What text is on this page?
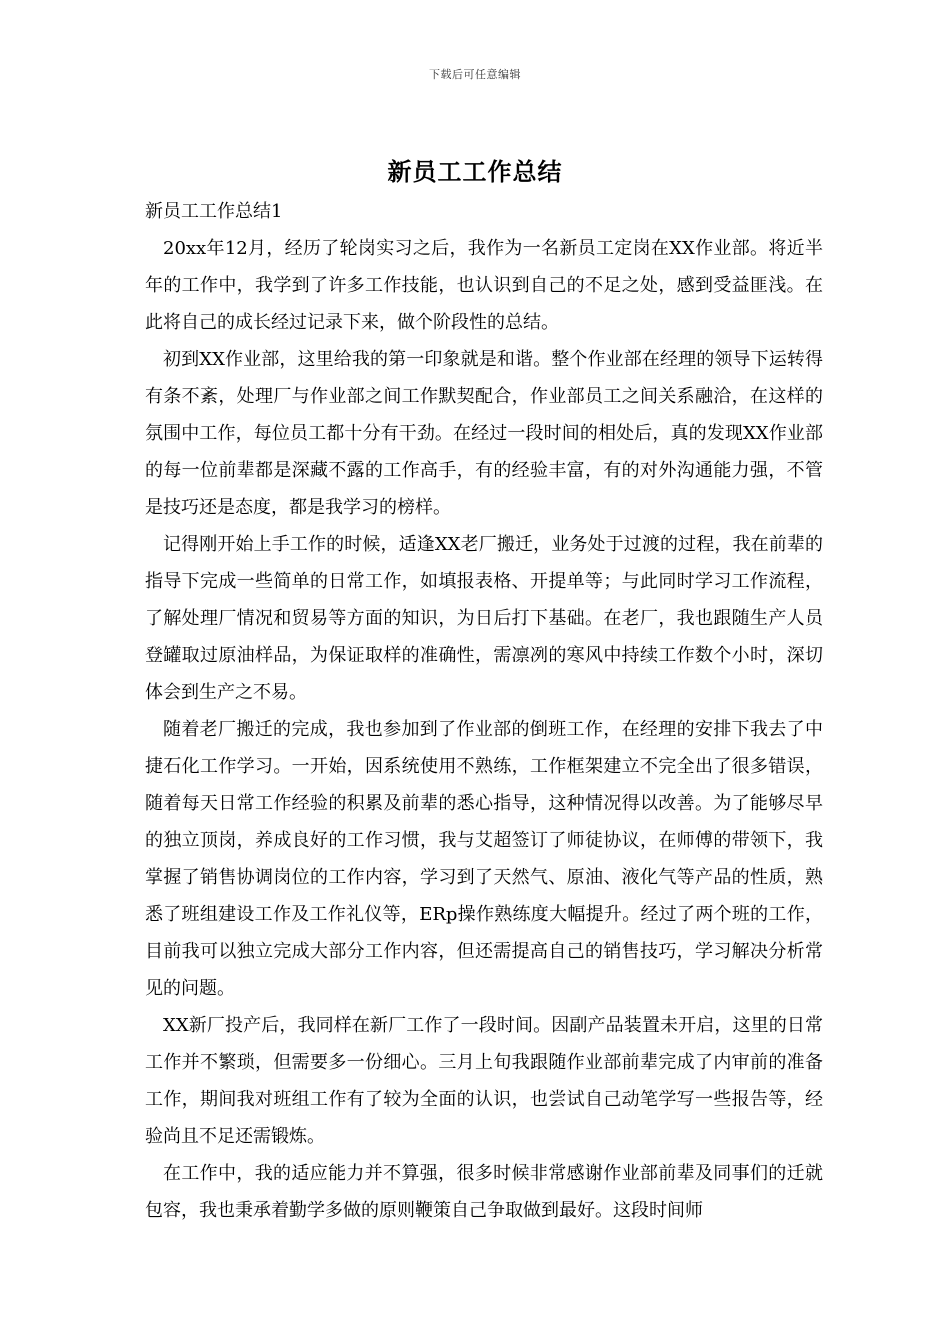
下载后可任意编辑
新员工工作总结

新员工工作总结1

20xx年12月，经历了轮岗实习之后，我作为一名新员工定岗在XX作业部。将近半年的工作中，我学到了许多工作技能，也认识到自己的不足之处，感到受益匪浅。在此将自己的成长经过记录下来，做个阶段性的总结。

初到XX作业部，这里给我的第一印象就是和谐。整个作业部在经理的领导下运转得有条不紊，处理厂与作业部之间工作默契配合，作业部员工之间关系融洽，在这样的氛围中工作，每位员工都十分有干劲。在经过一段时间的相处后，真的发现XX作业部的每一位前辈都是深藏不露的工作高手，有的经验丰富，有的对外沟通能力强，不管是技巧还是态度，都是我学习的榜样。

记得刚开始上手工作的时候，适逢XX老厂搬迁，业务处于过渡的过程，我在前辈的指导下完成一些简单的日常工作，如填报表格、开提单等；与此同时学习工作流程，了解处理厂情况和贸易等方面的知识，为日后打下基础。在老厂，我也跟随生产人员登罐取过原油样品，为保证取样的准确性，需凛冽的寒风中持续工作数个小时，深切体会到生产之不易。

随着老厂搬迁的完成，我也参加到了作业部的倒班工作，在经理的安排下我去了中捷石化工作学习。一开始，因系统使用不熟练，工作框架建立不完全出了很多错误，随着每天日常工作经验的积累及前辈的悉心指导，这种情况得以改善。为了能够尽早的独立顶岗，养成良好的工作习惯，我与艾超签订了师徒协议，在师傅的带领下，我掌握了销售协调岗位的工作内容，学习到了天然气、原油、液化气等产品的性质，熟悉了班组建设工作及工作礼仪等，ERp操作熟练度大幅提升。经过了两个班的工作，目前我可以独立完成大部分工作内容，但还需提高自己的销售技巧，学习解决分析常见的问题。

XX新厂投产后，我同样在新厂工作了一段时间。因副产品装置未开启，这里的日常工作并不繁琐，但需要多一份细心。三月上旬我跟随作业部前辈完成了内审前的准备工作，期间我对班组工作有了较为全面的认识，也尝试自己动笔学写一些报告等，经验尚且不足还需锻炼。

在工作中，我的适应能力并不算强，很多时候非常感谢作业部前辈及同事们的迁就包容，我也秉承着勤学多做的原则鞭策自己争取做到最好。这段时间师
